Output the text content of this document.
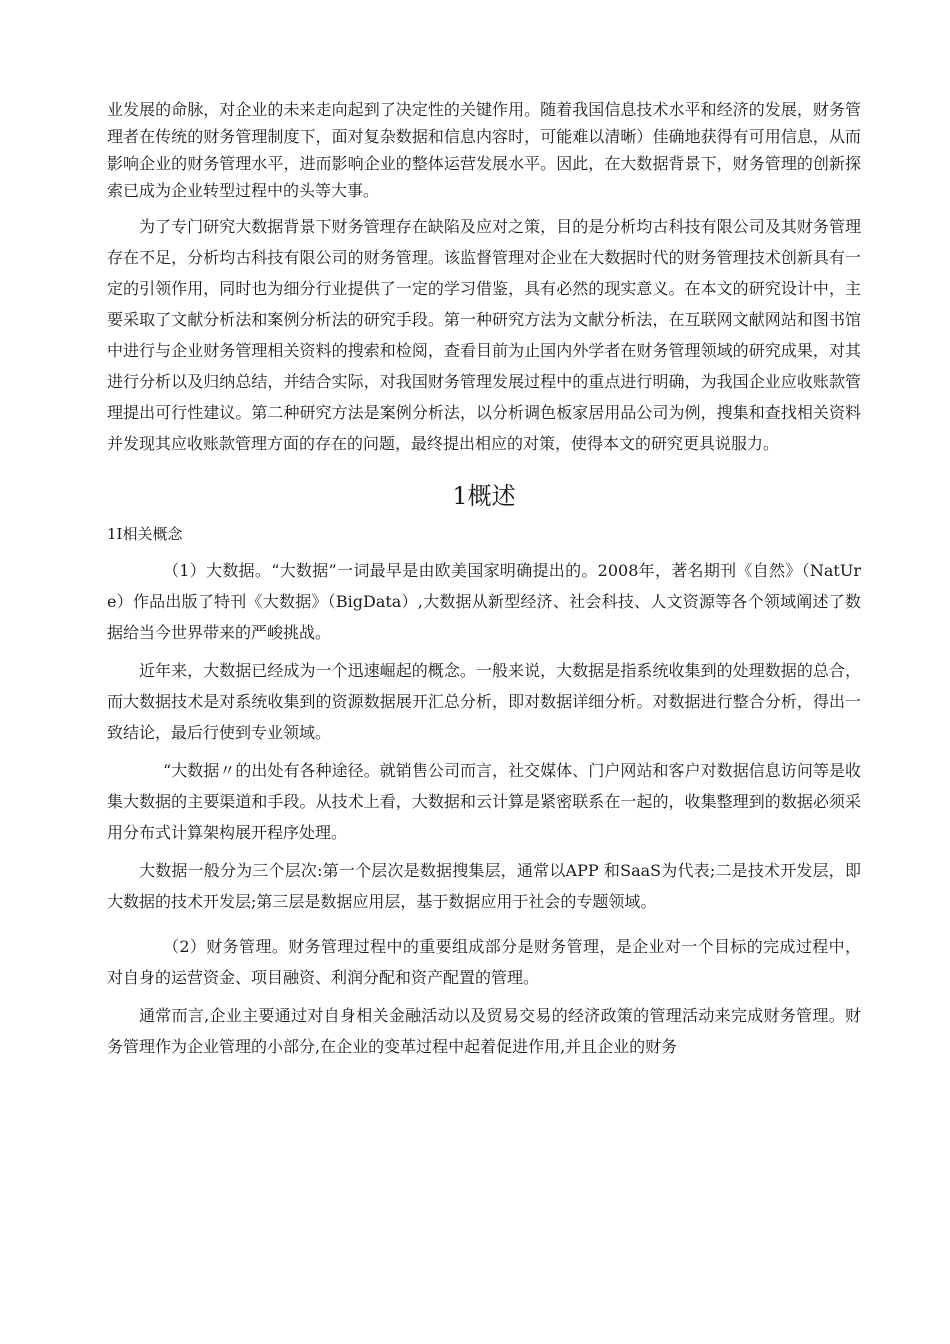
业发展的命脉，对企业的未来走向起到了决定性的关键作用。随着我国信息技术水平和经济的发展，财务管理者在传统的财务管理制度下，面对复杂数据和信息内容时，可能难以清晰）佳确地获得有可用信息，从而影响企业的财务管理水平，进而影响企业的整体运营发展水平。因此，在大数据背景下，财务管理的创新探索已成为企业转型过程中的头等大事。

为了专门研究大数据背景下财务管理存在缺陷及应对之策，目的是分析均古科技有限公司及其财务管理存在不足，分析均古科技有限公司的财务管理。该监督管理对企业在大数据时代的财务管理技术创新具有一定的引领作用，同时也为细分行业提供了一定的学习借鉴，具有必然的现实意义。在本文的研究设计中，主要采取了文献分析法和案例分析法的研究手段。第一种研究方法为文献分析法，在互联网文献网站和图书馆中进行与企业财务管理相关资料的搜索和检阅，查看目前为止国内外学者在财务管理领域的研究成果，对其进行分析以及归纳总结，并结合实际，对我国财务管理发展过程中的重点进行明确，为我国企业应收账款管理提出可行性建议。第二种研究方法是案例分析法，以分析调色板家居用品公司为例，搜集和查找相关资料并发现其应收账款管理方面的存在的问题，最终提出相应的对策，使得本文的研究更具说服力。

1概述
1I相关概念

（1）大数据。“大数据”一词最早是由欧美国家明确提出的。2008年，著名期刊《自然》（NatUre）作品出版了特刊《大数据》（BigData）,大数据从新型经济、社会科技、人文资源等各个领域阐述了数据给当今世界带来的严峻挑战。

近年来，大数据已经成为一个迅速崛起的概念。一般来说，大数据是指系统收集到的处理数据的总合，而大数据技术是对系统收集到的资源数据展开汇总分析，即对数据详细分析。对数据进行整合分析，得出一致结论，最后行使到专业领域。

“大数据〃的出处有各种途径。就销售公司而言，社交媒体、门户网站和客户对数据信息访问等是收集大数据的主要渠道和手段。从技术上看，大数据和云计算是紧密联系在一起的，收集整理到的数据必须采用分布式计算架构展开程序处理。

大数据一般分为三个层次:第一个层次是数据搜集层，通常以APP 和SaaS为代表;二是技术开发层，即大数据的技术开发层;第三层是数据应用层，基于数据应用于社会的专题领域。

（2）财务管理。财务管理过程中的重要组成部分是财务管理，是企业对一个目标的完成过程中，对自身的运营资金、项目融资、利润分配和资产配置的管理。

通常而言,企业主要通过对自身相关金融活动以及贸易交易的经济政策的管理活动来完成财务管理。财务管理作为企业管理的小部分,在企业的变革过程中起着促进作用,并且企业的财务
